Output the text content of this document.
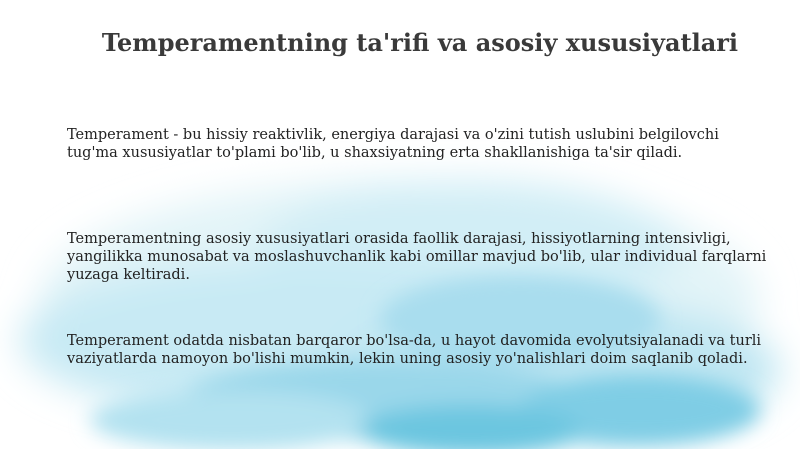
Temperamentning ta'rifi va asosiy xususiyatlari

Temperament - bu hissiy reaktivlik, energiya darajasi va o'zini tutish uslubini belgilovchi tug'ma xususiyatlar to'plami bo'lib, u shaxsiyatning erta shakllanishiga ta'sir qiladi.

Temperamentning asosiy xususiyatlari orasida faollik darajasi, hissiyotlarning intensivligi, yangilikka munosabat va moslashuvchanlik kabi omillar mavjud bo'lib, ular individual farqlarni yuzaga keltiradi.

Temperament odatda nisbatan barqaror bo'lsa-da, u hayot davomida evolyutsiyalanadi va turli vaziyatlarda namoyon bo'lishi mumkin, lekin uning asosiy yo'nalishlari doim saqlanib qoladi.
